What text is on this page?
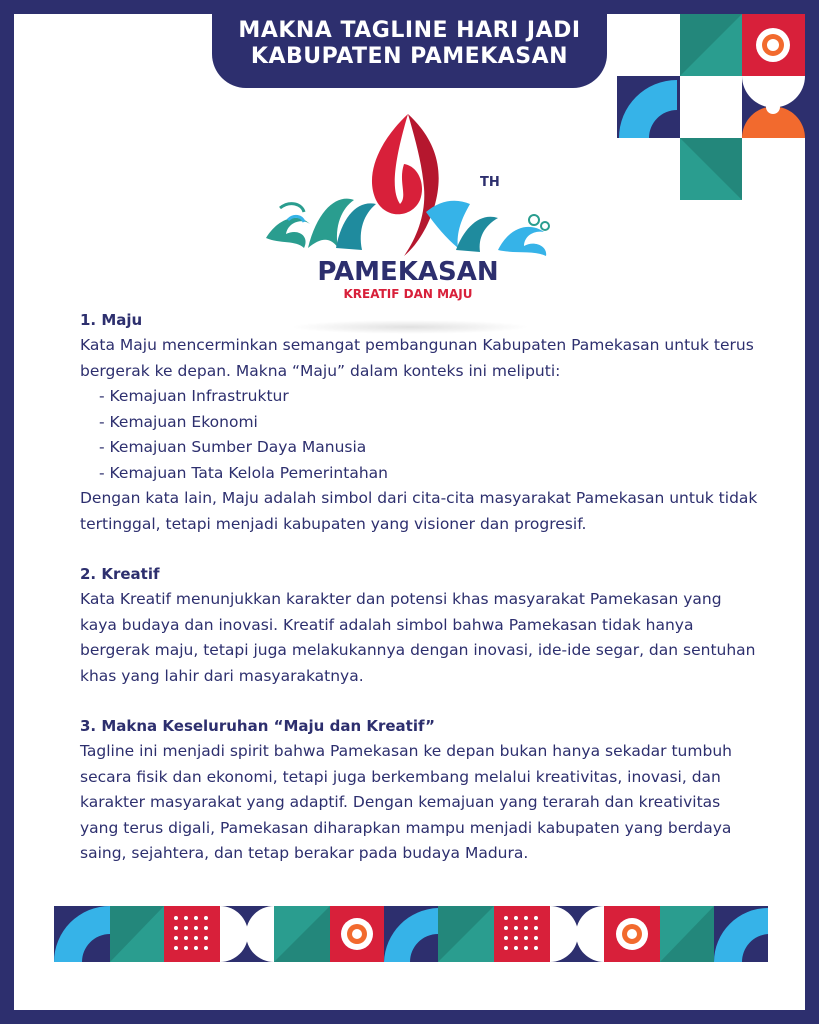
MAKNA TAGLINE HARI JADI
KABUPATEN PAMEKASAN
TH
PAMEKASAN
KREATIF DAN MAJU
1. Maju
Kata Maju mencerminkan semangat pembangunan Kabupaten Pamekasan untuk terus bergerak ke depan. Makna “Maju” dalam konteks ini meliputi:
- Kemajuan Infrastruktur
- Kemajuan Ekonomi
- Kemajuan Sumber Daya Manusia
- Kemajuan Tata Kelola Pemerintahan
Dengan kata lain, Maju adalah simbol dari cita-cita masyarakat Pamekasan untuk tidak tertinggal, tetapi menjadi kabupaten yang visioner dan progresif.
2. Kreatif
Kata Kreatif menunjukkan karakter dan potensi khas masyarakat Pamekasan yang kaya budaya dan inovasi. Kreatif adalah simbol bahwa Pamekasan tidak hanya bergerak maju, tetapi juga melakukannya dengan inovasi, ide-ide segar, dan sentuhan khas yang lahir dari masyarakatnya.
3. Makna Keseluruhan “Maju dan Kreatif”
Tagline ini menjadi spirit bahwa Pamekasan ke depan bukan hanya sekadar tumbuh secara fisik dan ekonomi, tetapi juga berkembang melalui kreativitas, inovasi, dan karakter masyarakat yang adaptif. Dengan kemajuan yang terarah dan kreativitas yang terus digali, Pamekasan diharapkan mampu menjadi kabupaten yang berdaya saing, sejahtera, dan tetap berakar pada budaya Madura.
